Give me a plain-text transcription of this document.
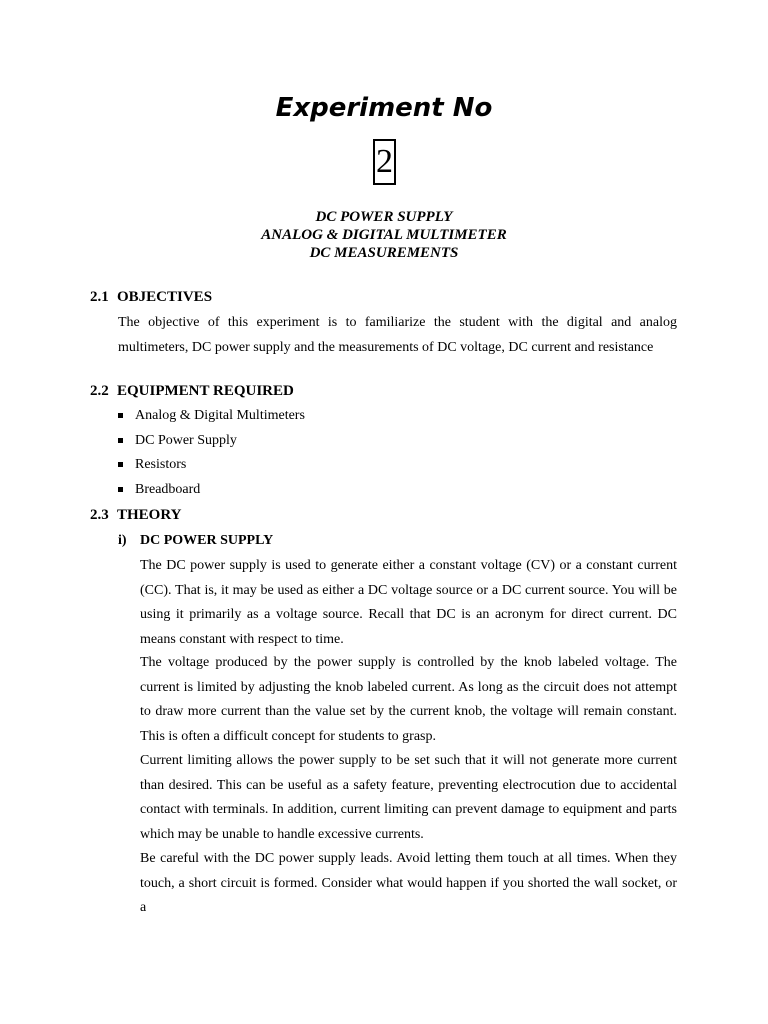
Experiment No
2
DC POWER SUPPLY
ANALOG & DIGITAL MULTIMETER
DC MEASUREMENTS
2.1 OBJECTIVES

The objective of this experiment is to familiarize the student with the digital and analog multimeters, DC power supply and the measurements of DC voltage, DC current and resistance

2.2 EQUIPMENT REQUIRED
Analog & Digital Multimeters
DC Power Supply
Resistors
Breadboard
2.3 THEORY
i) DC POWER SUPPLY

The DC power supply is used to generate either a constant voltage (CV) or a constant current (CC). That is, it may be used as either a DC voltage source or a DC current source. You will be using it primarily as a voltage source. Recall that DC is an acronym for direct current. DC means constant with respect to time.

The voltage produced by the power supply is controlled by the knob labeled voltage. The current is limited by adjusting the knob labeled current. As long as the circuit does not attempt to draw more current than the value set by the current knob, the voltage will remain constant. This is often a difficult concept for students to grasp.

Current limiting allows the power supply to be set such that it will not generate more current than desired. This can be useful as a safety feature, preventing electrocution due to accidental contact with terminals. In addition, current limiting can prevent damage to equipment and parts which may be unable to handle excessive currents.

Be careful with the DC power supply leads. Avoid letting them touch at all times. When they touch, a short circuit is formed. Consider what would happen if you shorted the wall socket, or a
